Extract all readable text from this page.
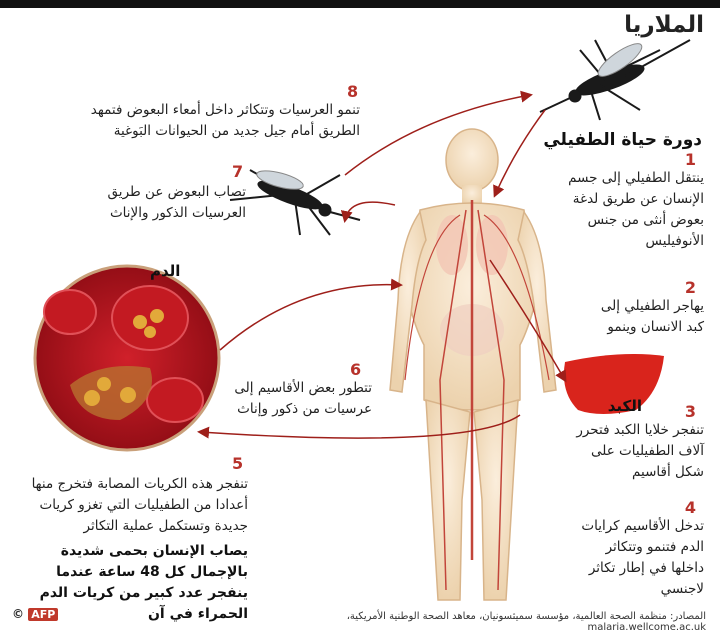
الملاريا
دورة حياة الطفيلي
1
ينتقل الطفيلي إلى جسم الإنسان عن طريق لدغة بعوض أنثى من جنس الأنوفيليس
2
يهاجر الطفيلي إلى كبد الانسان وينمو
الكبد	3
تنفجر خلايا الكبد فتحرر آلاف الطفيليات على شكل أقاسيم
4
تدخل الأقاسيم كرايات الدم فتنمو وتتكاثر داخلها في إطار تكاثر لاجنسي
5
تنفجر هذه الكريات المصابة فتخرج منها أعدادا من الطفيليات التي تغزو كريات جديدة وتستكمل عملية التكاثر
يصاب الإنسان بحمى شديدة بالإجمال كل 48 ساعة عندما ينفجر عدد كبير من كريات الدم الحمراء في آن
6
تتطور بعض الأقاسيم إلى عرسيات من ذكور وإناث
الدم
7
تصاب البعوض عن طريق العرسيات الذكور والإناث
8
تنمو العرسيات وتتكاثر داخل أمعاء البعوض فتمهد الطريق أمام جيل جديد من الحيوانات البَوغية
المصادر: منظمة الصحة العالمية، مؤسسة سميثسونيان، معاهد الصحة الوطنية الأمريكية، malaria.wellcome.ac.uk
© AFP
